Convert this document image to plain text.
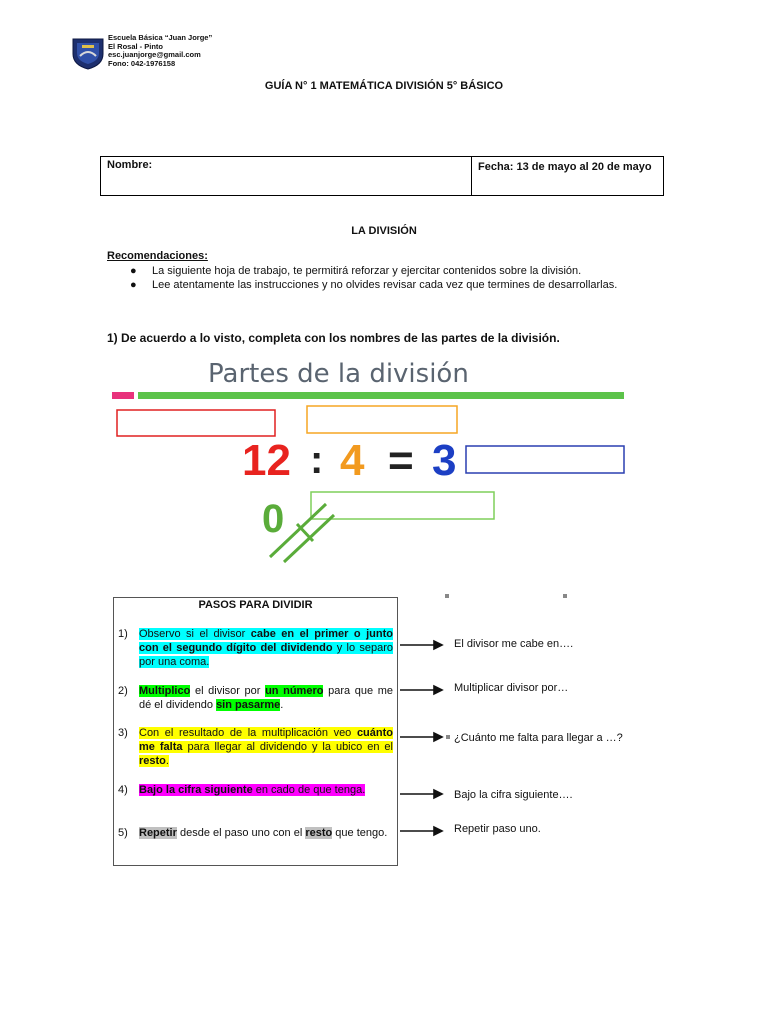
Escuela Básica “Juan Jorge”
El Rosal - Pinto
esc.juanjorge@gmail.com
Fono: 042-1976158
GUÍA N° 1 MATEMÁTICA DIVISIÓN 5° BÁSICO
Nombre:	Fecha: 13 de mayo al 20 de mayo
LA DIVISIÓN
Recomendaciones:
● La siguiente hoja de trabajo, te permitirá reforzar y ejercitar contenidos sobre la división.
● Lee atentamente las instrucciones y no olvides revisar cada vez que termines de desarrollarlas.
1) De acuerdo a lo visto, completa con los nombres de las partes de la división.
Partes de la división
12 : 4 = 3
0
PASOS PARA DIVIDIR
1)	Observo si el divisor cabe en el primer o junto con el segundo dígito del dividendo y lo separo por una coma.
2)	Multiplico el divisor por un número para que me dé el dividendo sin pasarme.
3)	Con el resultado de la multiplicación veo cuánto me falta para llegar al dividendo y la ubico en el resto.
4)	Bajo la cifra siguiente en cado de que tenga.
5)	Repetir desde el paso uno con el resto que tengo.
El divisor me cabe en….
Multiplicar divisor por…
¿Cuánto me falta para llegar a …?
Bajo la cifra siguiente….
Repetir paso uno.
